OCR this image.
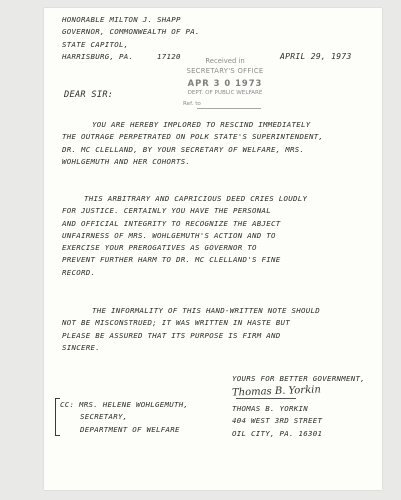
HONORABLE MILTON J. SHAPP
GOVERNOR, COMMONWEALTH OF PA.
STATE CAPITOL,
HARRISBURG, PA.	17120	APRIL 29, 1973
Received in
SECRETARY'S OFFICE
APR 3 0 1973
DEPT. OF PUBLIC WELFARE
Ref. to
DEAR SIR:
YOU ARE HEREBY IMPLORED TO RESCIND IMMEDIATELY
THE OUTRAGE PERPETRATED ON POLK STATE'S SUPERINTENDENT,
DR. MC CLELLAND, BY YOUR SECRETARY OF WELFARE, MRS.
WOHLGEMUTH AND HER COHORTS.
THIS ARBITRARY AND CAPRICIOUS DEED CRIES LOUDLY
FOR JUSTICE. CERTAINLY YOU HAVE THE PERSONAL
AND OFFICIAL INTEGRITY TO RECOGNIZE THE ABJECT
UNFAIRNESS OF MRS. WOHLGEMUTH'S ACTION AND TO
EXERCISE YOUR PREROGATIVES AS GOVERNOR TO
PREVENT FURTHER HARM TO DR. MC CLELLAND'S FINE
RECORD.
THE INFORMALITY OF THIS HAND-WRITTEN NOTE SHOULD
NOT BE MISCONSTRUED; IT WAS WRITTEN IN HASTE BUT
PLEASE BE ASSURED THAT ITS PURPOSE IS FIRM AND
SINCERE.
YOURS FOR BETTER GOVERNMENT,
Thomas B. Yorkin
THOMAS B. YORKIN
404 WEST 3RD STREET
OIL CITY, PA. 16301
CC: MRS. HELENE WOHLGEMUTH,
SECRETARY,
DEPARTMENT OF WELFARE
